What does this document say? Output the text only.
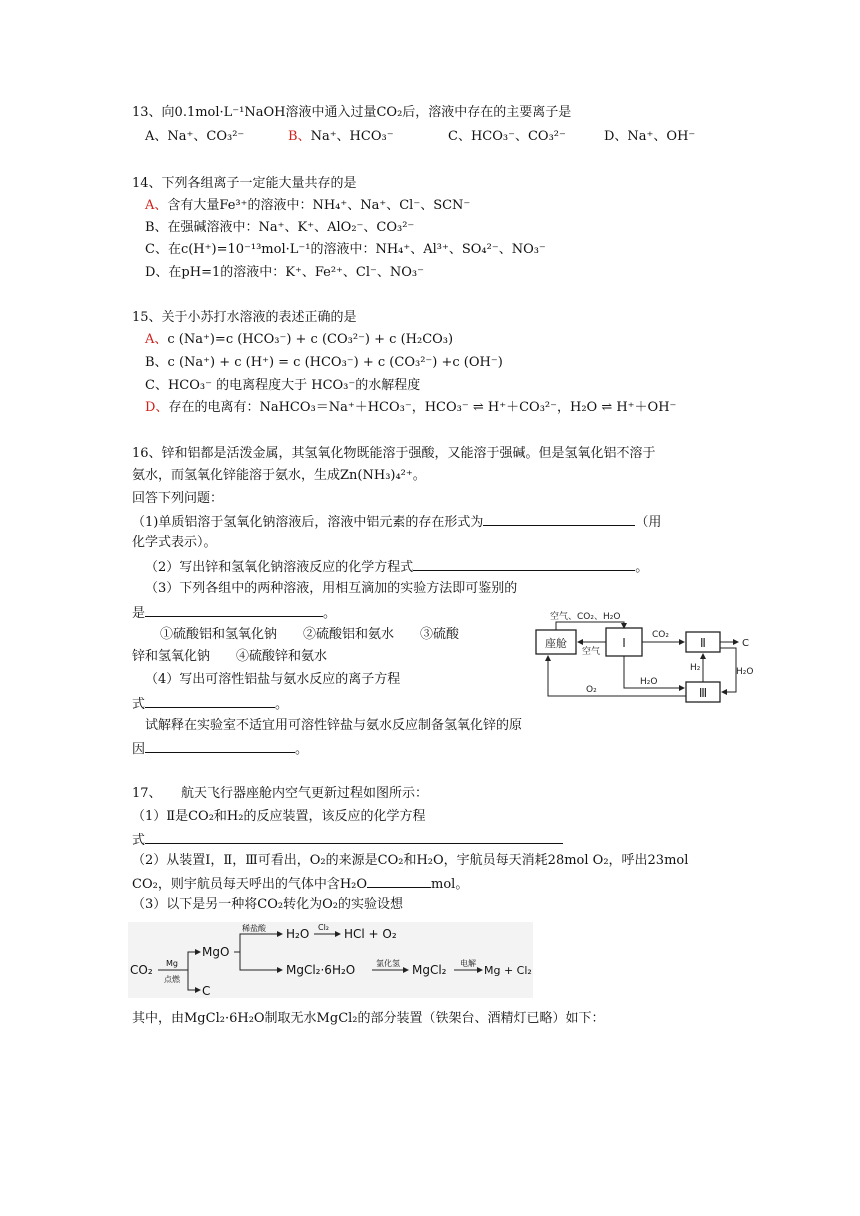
13、向0.1mol·L⁻¹NaOH溶液中通入过量CO₂后，溶液中存在的主要离子是
A、Na⁺、CO₃²⁻	B、Na⁺、HCO₃⁻	C、HCO₃⁻、CO₃²⁻	D、Na⁺、OH⁻
14、下列各组离子一定能大量共存的是
A、含有大量Fe³⁺的溶液中：NH₄⁺、Na⁺、Cl⁻、SCN⁻
B、在强碱溶液中：Na⁺、K⁺、AlO₂⁻、CO₃²⁻
C、在c(H⁺)=10⁻¹³mol·L⁻¹的溶液中：NH₄⁺、Al³⁺、SO₄²⁻、NO₃⁻
D、在pH=1的溶液中：K⁺、Fe²⁺、Cl⁻、NO₃⁻
15、关于小苏打水溶液的表述正确的是
A、c (Na⁺)=c (HCO₃⁻) + c (CO₃²⁻) + c (H₂CO₃)
B、c (Na⁺) + c (H⁺) = c (HCO₃⁻) + c (CO₃²⁻) +c (OH⁻)
C、HCO₃⁻ 的电离程度大于 HCO₃⁻的水解程度
D、存在的电离有：NaHCO₃＝Na⁺＋HCO₃⁻，HCO₃⁻ ⇌ H⁺＋CO₃²⁻，H₂O ⇌ H⁺＋OH⁻
16、锌和铝都是活泼金属，其氢氧化物既能溶于强酸，又能溶于强碱。但是氢氧化铝不溶于
氨水，而氢氧化锌能溶于氨水，生成Zn(NH₃)₄²⁺。
回答下列问题：
（1)单质铝溶于氢氧化钠溶液后，溶液中铝元素的存在形式为	（用
化学式表示）。
（2）写出锌和氢氧化钠溶液反应的化学方程式	。
（3）下列各组中的两种溶液，用相互滴加的实验方法即可鉴别的
是	。
①硫酸铝和氢氧化钠　　②硫酸铝和氨水　　③硫酸
锌和氢氧化钠　　④硫酸锌和氨水
（4）写出可溶性铝盐与氨水反应的离子方程
式	。
试解释在实验室不适宜用可溶性锌盐与氨水反应制备氢氧化锌的原
因	。
空气、CO₂、H₂O
座舱	Ⅰ	Ⅱ
Ⅲ
空气
CO₂
C
H₂	H₂O
H₂O
O₂
17、　　航天飞行器座舱内空气更新过程如图所示：
（1）Ⅱ是CO₂和H₂的反应装置，该反应的化学方程
式
（2）从装置Ⅰ，Ⅱ，Ⅲ可看出，O₂的来源是CO₂和H₂O，宇航员每天消耗28mol O₂，呼出23mol
CO₂，则宇航员每天呼出的气体中含H₂O	mol。
（3）以下是另一种将CO₂转化为O₂的实验设想
CO₂ Mg
点燃
MgO
C
稀盐酸 H₂O Cl₂ HCl + O₂
MgCl₂·6H₂O	氯化氢 MgCl₂ 电解
Mg + Cl₂
其中，由MgCl₂·6H₂O制取无水MgCl₂的部分装置（铁架台、酒精灯已略）如下：
